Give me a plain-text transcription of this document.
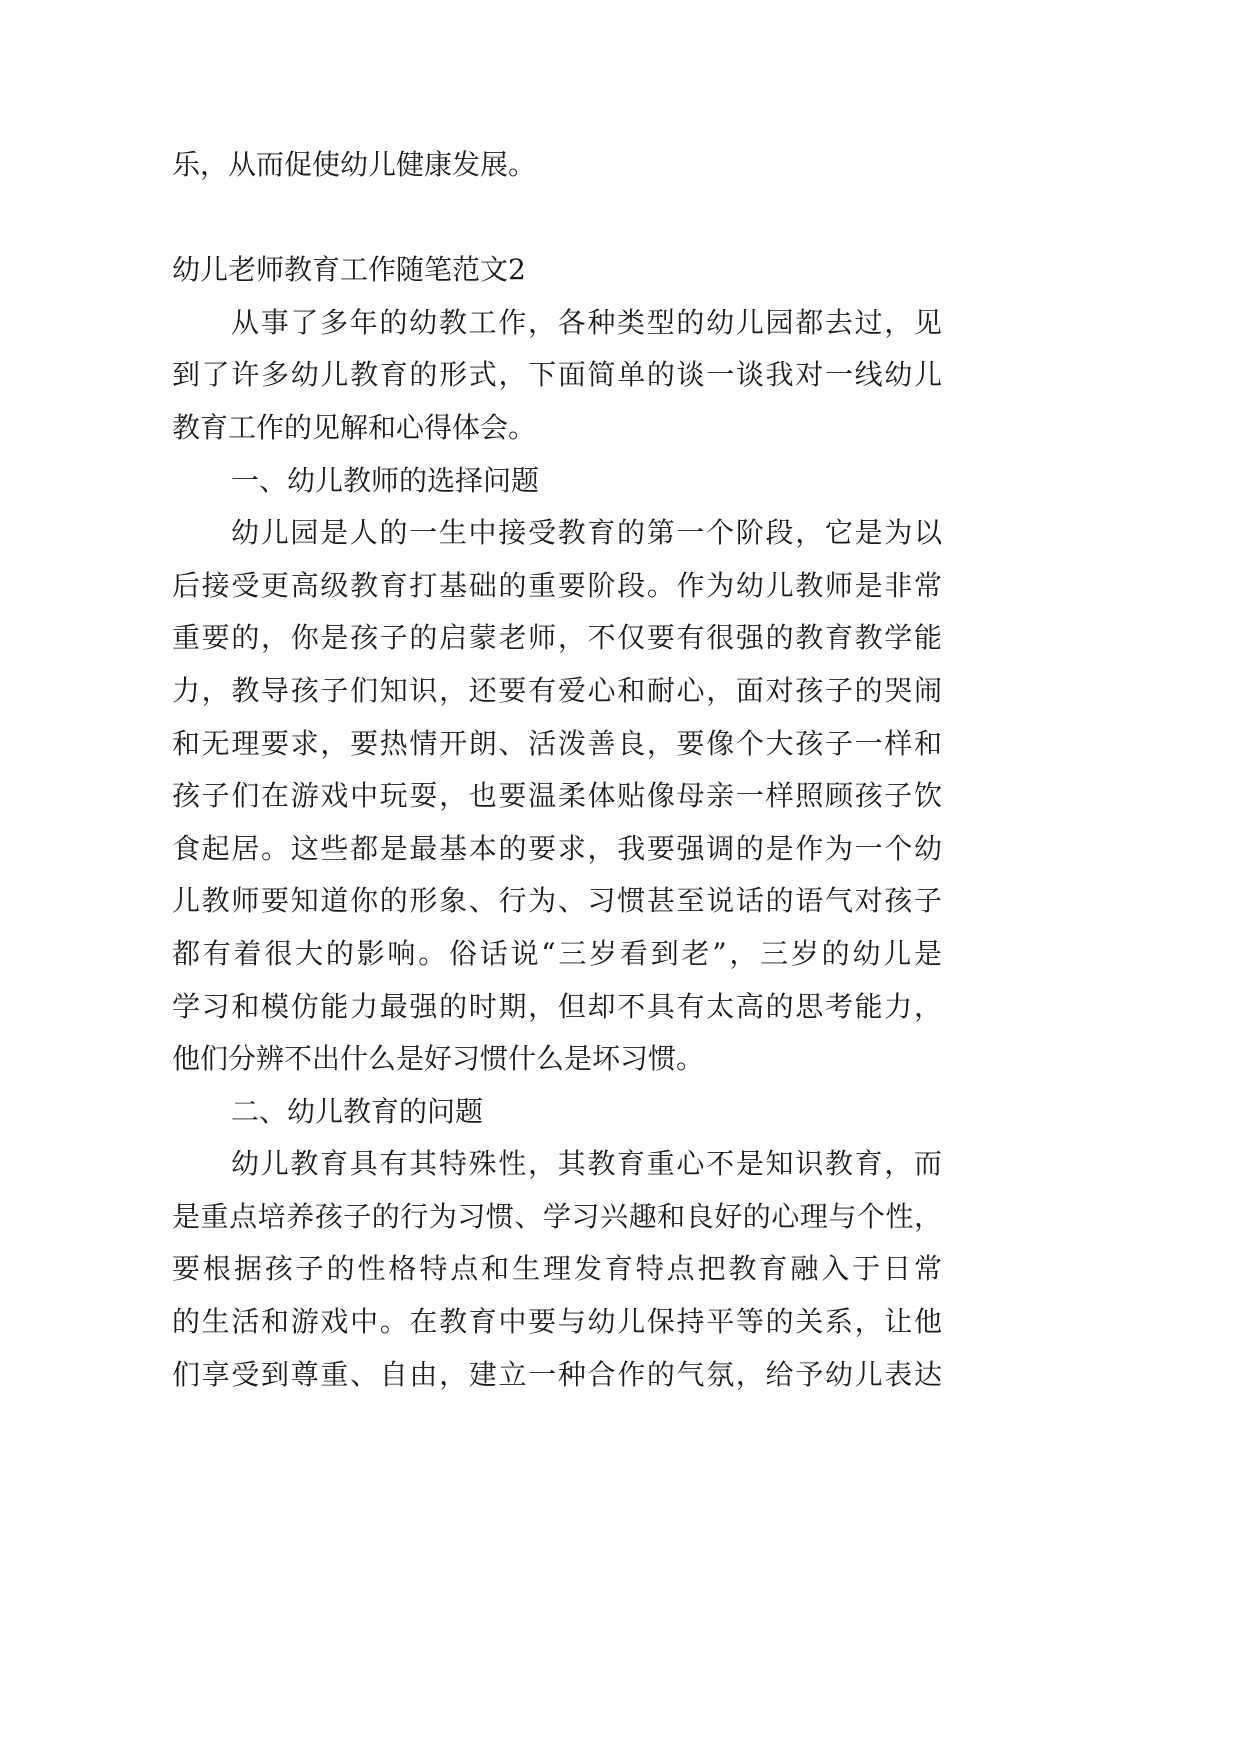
乐，从而促使幼儿健康发展。
幼儿老师教育工作随笔范文2
从事了多年的幼教工作，各种类型的幼儿园都去过，见
到了许多幼儿教育的形式，下面简单的谈一谈我对一线幼儿
教育工作的见解和心得体会。
一、幼儿教师的选择问题
幼儿园是人的一生中接受教育的第一个阶段，它是为以
后接受更高级教育打基础的重要阶段。作为幼儿教师是非常
重要的，你是孩子的启蒙老师，不仅要有很强的教育教学能
力，教导孩子们知识，还要有爱心和耐心，面对孩子的哭闹
和无理要求，要热情开朗、活泼善良，要像个大孩子一样和
孩子们在游戏中玩耍，也要温柔体贴像母亲一样照顾孩子饮
食起居。这些都是最基本的要求，我要强调的是作为一个幼
儿教师要知道你的形象、行为、习惯甚至说话的语气对孩子
都有着很大的影响。俗话说“三岁看到老”，三岁的幼儿是
学习和模仿能力最强的时期，但却不具有太高的思考能力，
他们分辨不出什么是好习惯什么是坏习惯。
二、幼儿教育的问题
幼儿教育具有其特殊性，其教育重心不是知识教育，而
是重点培养孩子的行为习惯、学习兴趣和良好的心理与个性，
要根据孩子的性格特点和生理发育特点把教育融入于日常
的生活和游戏中。在教育中要与幼儿保持平等的关系，让他
们享受到尊重、自由，建立一种合作的气氛，给予幼儿表达
